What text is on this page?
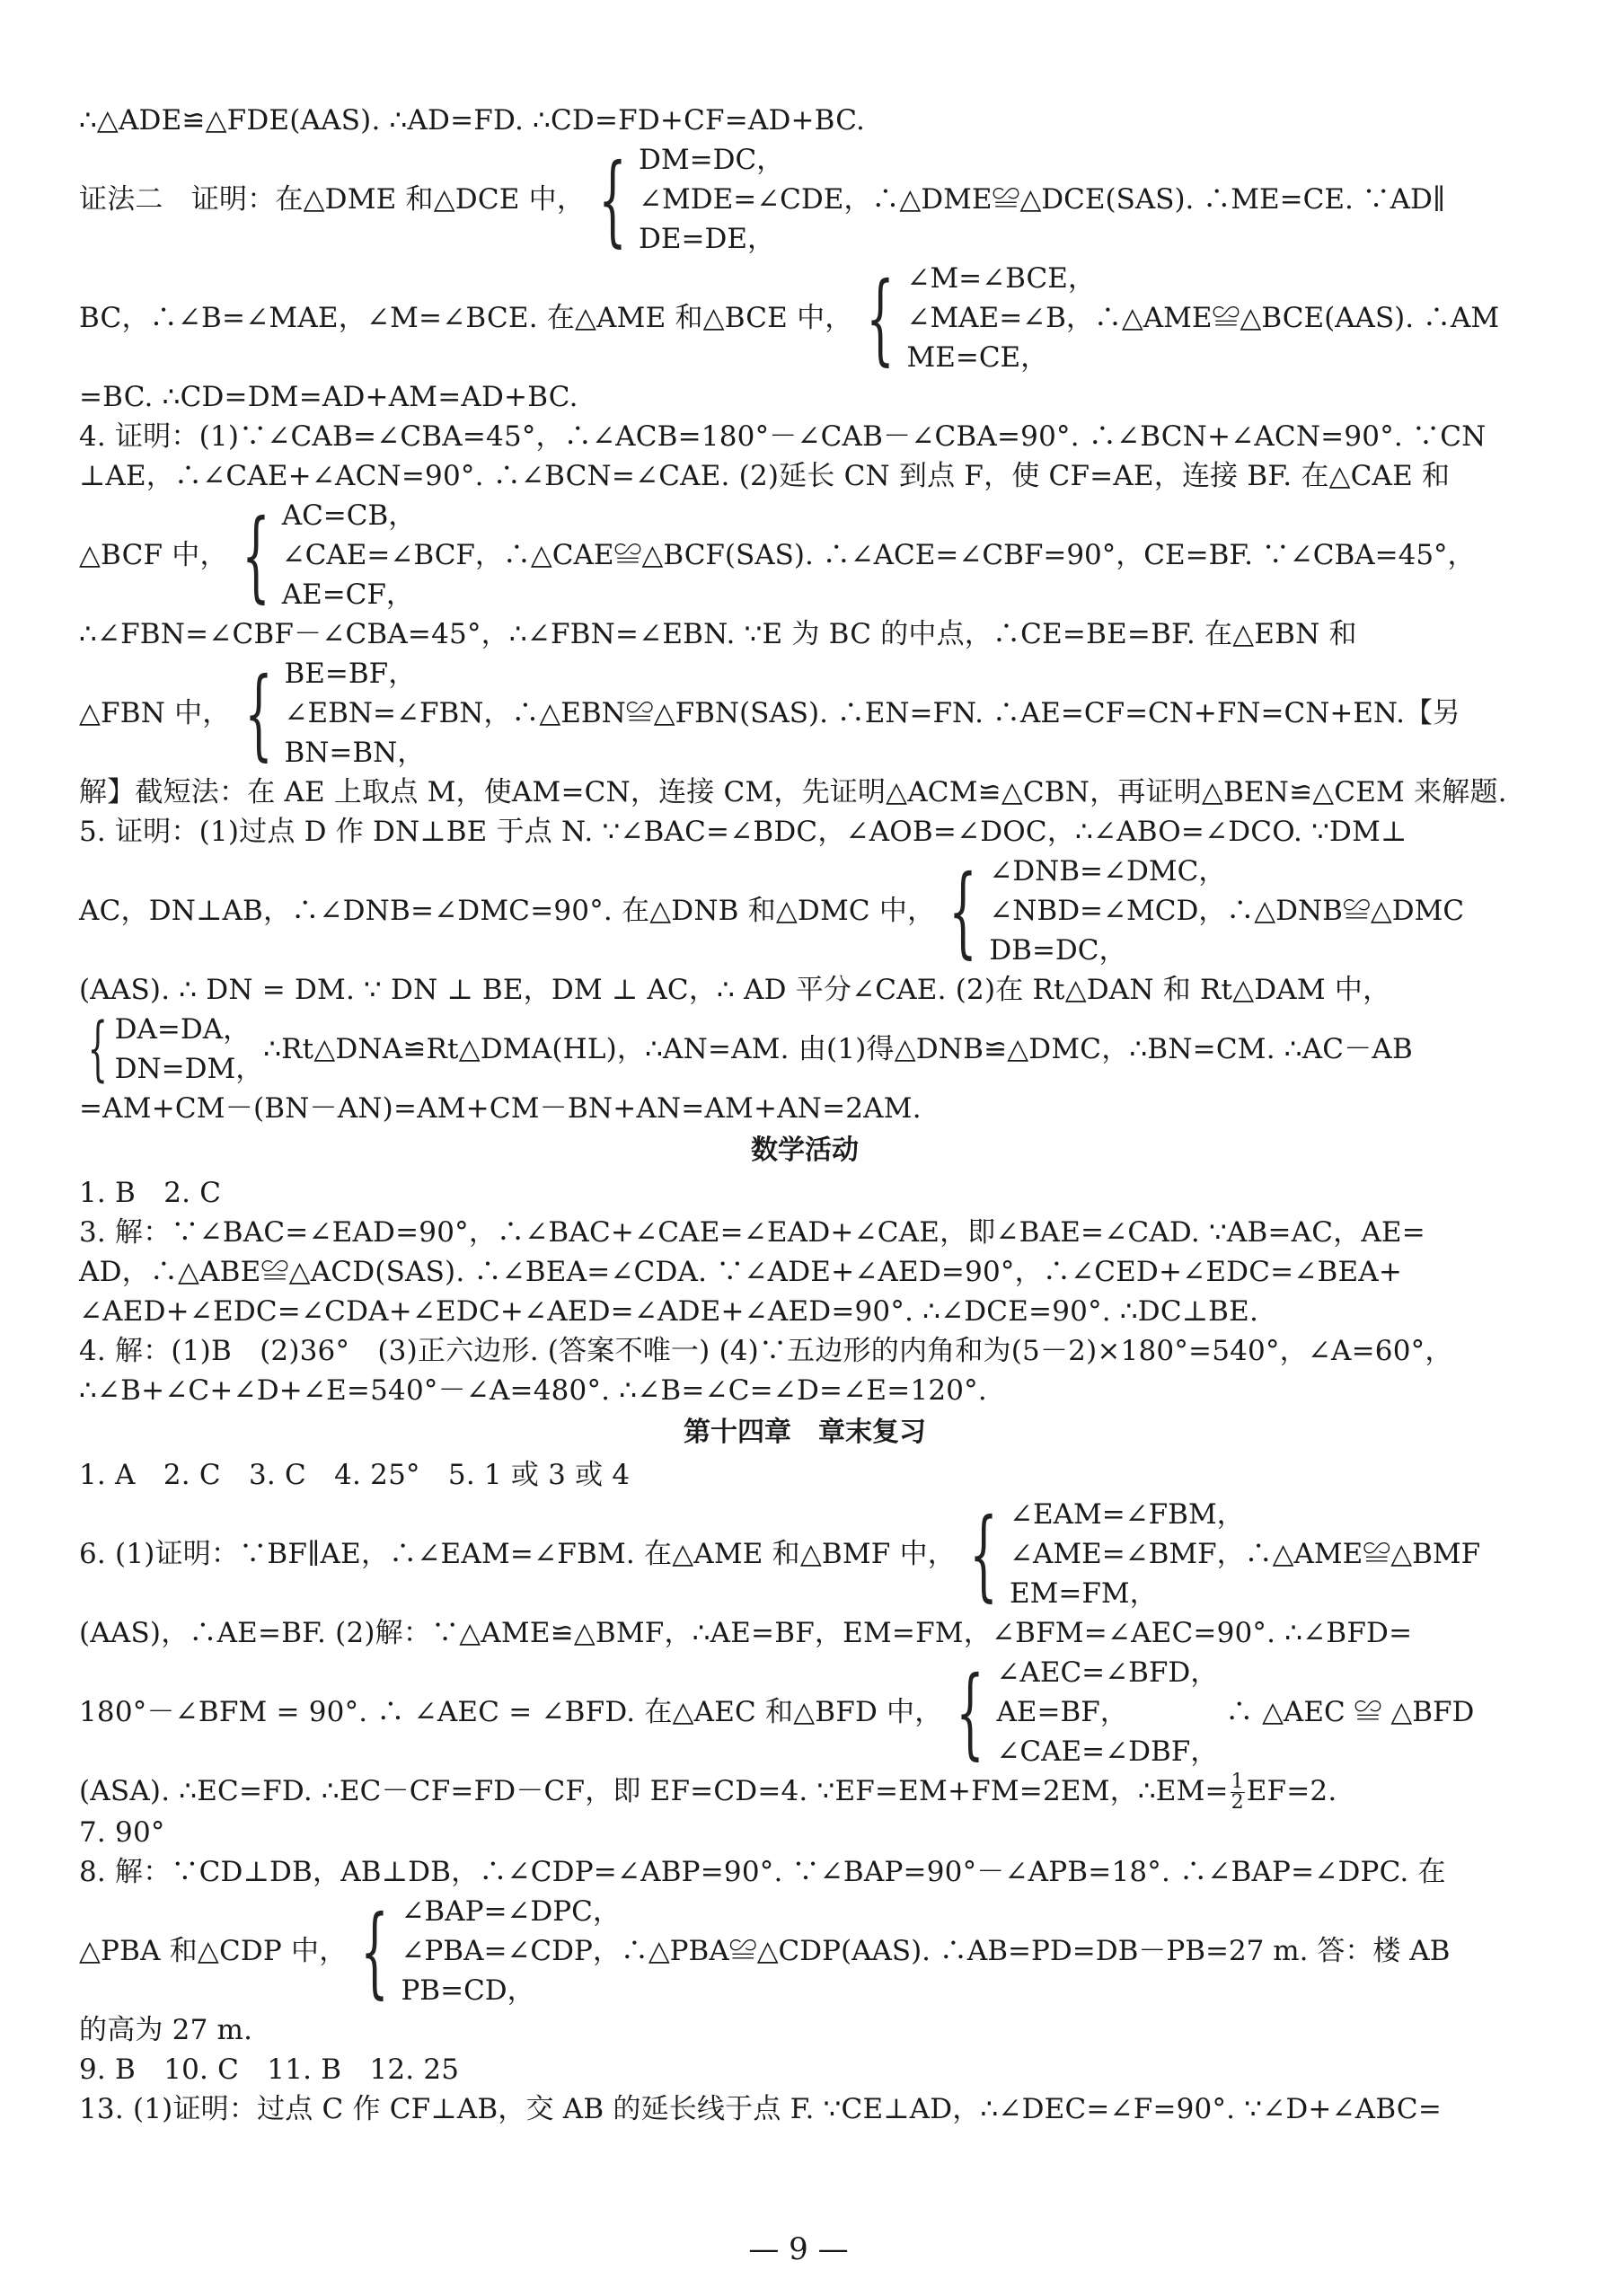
∴△ADE≌△FDE(AAS). ∴AD=FD. ∴CD=FD+CF=AD+BC.
证法二　证明：在△DME 和△DCE 中， { DM=DC，
∠MDE=∠CDE，∴△DME≌△DCE(SAS). ∴ME=CE. ∵AD∥
DE=DE，
BC，∴∠B=∠MAE，∠M=∠BCE. 在△AME 和△BCE 中， { ∠M=∠BCE，
∠MAE=∠B，∴△AME≌△BCE(AAS). ∴AM
ME=CE，
=BC. ∴CD=DM=AD+AM=AD+BC.
4. 证明：(1)∵∠CAB=∠CBA=45°，∴∠ACB=180°－∠CAB－∠CBA=90°. ∴∠BCN+∠ACN=90°. ∵CN
⊥AE，∴∠CAE+∠ACN=90°. ∴∠BCN=∠CAE. (2)延长 CN 到点 F，使 CF=AE，连接 BF. 在△CAE 和
△BCF 中， { AC=CB，
∠CAE=∠BCF，∴△CAE≌△BCF(SAS). ∴∠ACE=∠CBF=90°，CE=BF. ∵∠CBA=45°，
AE=CF，
∴∠FBN=∠CBF－∠CBA=45°，∴∠FBN=∠EBN. ∵E 为 BC 的中点，∴CE=BE=BF. 在△EBN 和
△FBN 中， { BE=BF，
∠EBN=∠FBN，∴△EBN≌△FBN(SAS). ∴EN=FN. ∴AE=CF=CN+FN=CN+EN.【另
BN=BN，
解】截短法：在 AE 上取点 M，使AM=CN，连接 CM，先证明△ACM≌△CBN，再证明△BEN≌△CEM 来解题.
5. 证明：(1)过点 D 作 DN⊥BE 于点 N. ∵∠BAC=∠BDC，∠AOB=∠DOC，∴∠ABO=∠DCO. ∵DM⊥
AC，DN⊥AB，∴∠DNB=∠DMC=90°. 在△DNB 和△DMC 中， { ∠DNB=∠DMC，
∠NBD=∠MCD，∴△DNB≌△DMC
DB=DC，
(AAS). ∴ DN = DM. ∵ DN ⊥ BE，DM ⊥ AC，∴ AD 平分∠CAE. (2)在 Rt△DAN 和 Rt△DAM 中，
{ DA=DA，
DN=DM，
∴Rt△DNA≌Rt△DMA(HL)，∴AN=AM. 由(1)得△DNB≌△DMC，∴BN=CM. ∴AC－AB
=AM+CM－(BN－AN)=AM+CM－BN+AN=AM+AN=2AM.
数学活动
1. B　2. C
3. 解：∵∠BAC=∠EAD=90°，∴∠BAC+∠CAE=∠EAD+∠CAE，即∠BAE=∠CAD. ∵AB=AC，AE=
AD，∴△ABE≌△ACD(SAS). ∴∠BEA=∠CDA. ∵∠ADE+∠AED=90°，∴∠CED+∠EDC=∠BEA+
∠AED+∠EDC=∠CDA+∠EDC+∠AED=∠ADE+∠AED=90°. ∴∠DCE=90°. ∴DC⊥BE.
4. 解：(1)B　(2)36°　(3)正六边形. (答案不唯一) (4)∵五边形的内角和为(5－2)×180°=540°，∠A=60°，
∴∠B+∠C+∠D+∠E=540°－∠A=480°. ∴∠B=∠C=∠D=∠E=120°.
第十四章　章末复习
1. A　2. C　3. C　4. 25°　5. 1 或 3 或 4
6. (1)证明：∵BF∥AE，∴∠EAM=∠FBM. 在△AME 和△BMF 中， { ∠EAM=∠FBM，
∠AME=∠BMF，∴△AME≌△BMF
EM=FM，
(AAS)，∴AE=BF. (2)解：∵△AME≌△BMF，∴AE=BF，EM=FM，∠BFM=∠AEC=90°. ∴∠BFD=
180°－∠BFM = 90°. ∴ ∠AEC = ∠BFD. 在△AEC 和△BFD 中， { ∠AEC=∠BFD，
AE=BF，　　　　∴ △AEC ≌ △BFD
∠CAE=∠DBF，
(ASA). ∴EC=FD. ∴EC－CF=FD－CF，即 EF=CD=4. ∵EF=EM+FM=2EM，∴EM= $\frac{1}{2} EF=2$.
7. 90°
8. 解：∵CD⊥DB，AB⊥DB，∴∠CDP=∠ABP=90°. ∵∠BAP=90°－∠APB=18°. ∴∠BAP=∠DPC. 在
△PBA 和△CDP 中， { ∠BAP=∠DPC，
∠PBA=∠CDP，∴△PBA≌△CDP(AAS). ∴AB=PD=DB－PB=27 m. 答：楼 AB
PB=CD，
的高为 27 m.
9. B　10. C　11. B　12. 25
13. (1)证明：过点 C 作 CF⊥AB，交 AB 的延长线于点 F. ∵CE⊥AD，∴∠DEC=∠F=90°. ∵∠D+∠ABC=
— 9 —
